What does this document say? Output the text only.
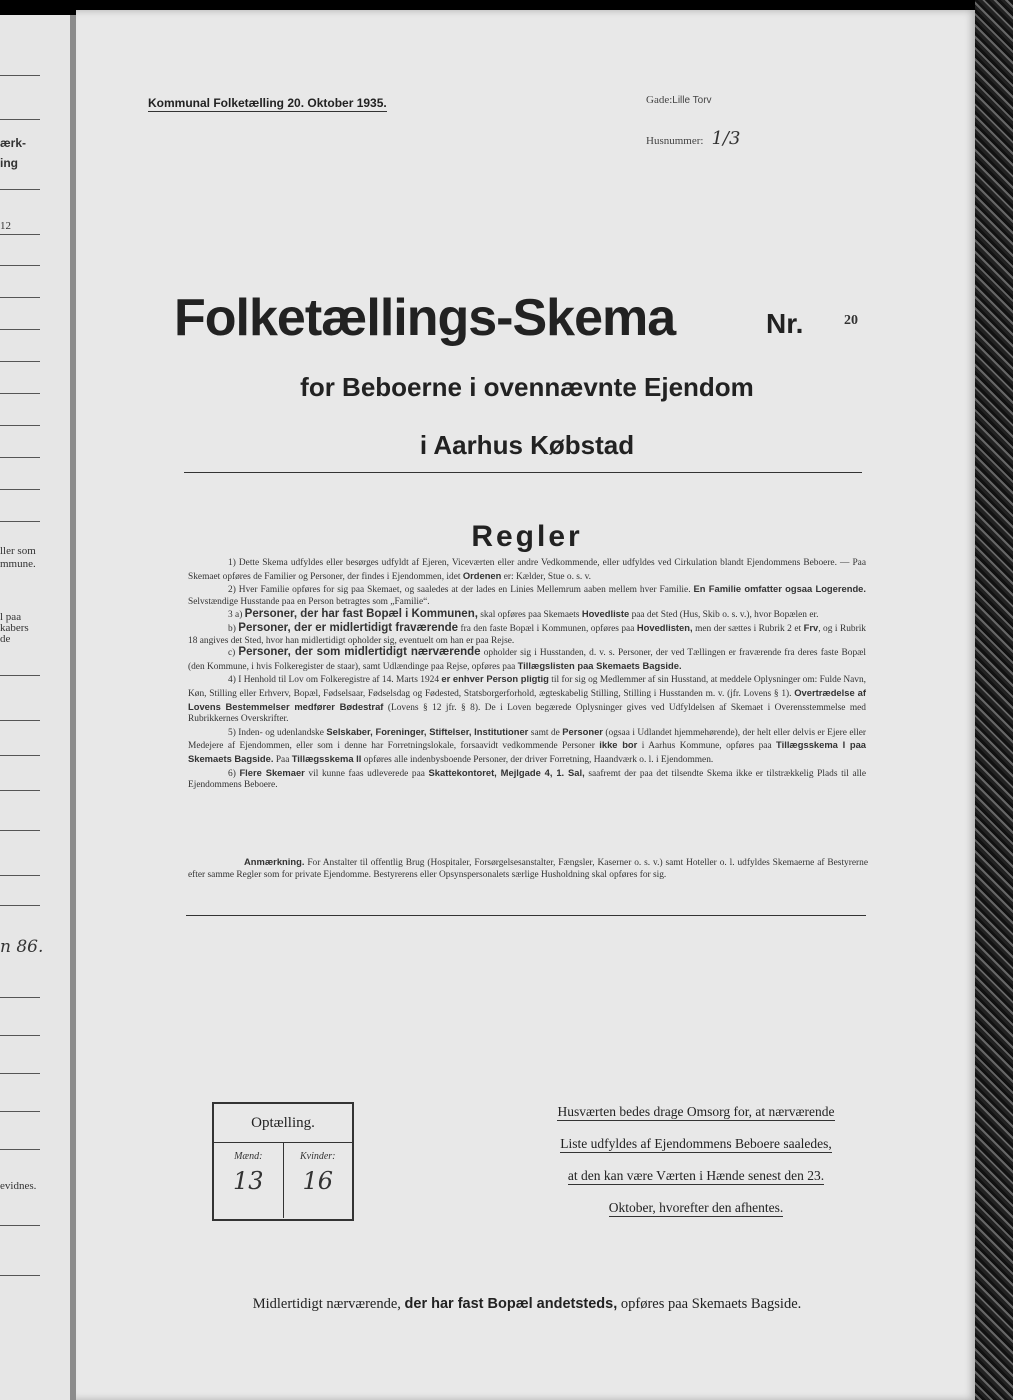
ærk-
ing
12
ller som
mmune.
l paa
kabers
de
n 86.
evidnes.
Kommunal Folketælling 20. Oktober 1935.	Gade:Lille Torv
Husnummer: 1/3
Folketællings-Skema	Nr.	20
for Beboerne i ovennævnte Ejendom
i Aarhus Købstad
Regler

1) Dette Skema udfyldes eller besørges udfyldt af Ejeren, Viceværten eller andre Vedkommende, eller udfyldes ved Cirkulation blandt Ejendommens Beboere. — Paa Skemaet opføres de Familier og Personer, der findes i Ejendommen, idet Ordenen er: Kælder, Stue o. s. v.

2) Hver Familie opføres for sig paa Skemaet, og saaledes at der lades en Linies Mellemrum aaben mellem hver Familie. En Familie omfatter ogsaa Logerende. Selvstændige Husstande paa en Person betragtes som „Familie“.

3 a) Personer, der har fast Bopæl i Kommunen, skal opføres paa Skemaets Hovedliste paa det Sted (Hus, Skib o. s. v.), hvor Bopælen er.

b) Personer, der er midlertidigt fraværende fra den faste Bopæl i Kommunen, opføres paa Hovedlisten, men der sættes i Rubrik 2 et Frv, og i Rubrik 18 angives det Sted, hvor han midlertidigt opholder sig, eventuelt om han er paa Rejse.

c) Personer, der som midlertidigt nærværende opholder sig i Husstanden, d. v. s. Personer, der ved Tællingen er fraværende fra deres faste Bopæl (den Kommune, i hvis Folkeregister de staar), samt Udlændinge paa Rejse, opføres paa Tillægslisten paa Skemaets Bagside.

4) I Henhold til Lov om Folkeregistre af 14. Marts 1924 er enhver Person pligtig til for sig og Medlemmer af sin Husstand, at meddele Oplysninger om: Fulde Navn, Køn, Stilling eller Erhverv, Bopæl, Fødselsaar, Fødselsdag og Fødested, Statsborgerforhold, ægteskabelig Stilling, Stilling i Husstanden m. v. (jfr. Lovens § 1). Overtrædelse af Lovens Bestemmelser medfører Bødestraf (Lovens § 12 jfr. § 8). De i Loven begærede Oplysninger gives ved Udfyldelsen af Skemaet i Overensstemmelse med Rubrikkernes Overskrifter.

5) Inden- og udenlandske Selskaber, Foreninger, Stiftelser, Institutioner samt de Personer (ogsaa i Udlandet hjemmehørende), der helt eller delvis er Ejere eller Medejere af Ejendommen, eller som i denne har Forretningslokale, forsaavidt vedkommende Personer ikke bor i Aarhus Kommune, opføres paa Tillægsskema I paa Skemaets Bagside. Paa Tillægsskema II opføres alle indenbysboende Personer, der driver Forretning, Haandværk o. l. i Ejendommen.

6) Flere Skemaer vil kunne faas udleverede paa Skattekontoret, Mejlgade 4, 1. Sal, saafremt der paa det tilsendte Skema ikke er tilstrækkelig Plads til alle Ejendommens Beboere.

Anmærkning. For Anstalter til offentlig Brug (Hospitaler, Forsørgelsesanstalter, Fængsler, Kaserner o. s. v.) samt Hoteller o. l. udfyldes Skemaerne af Bestyrerne efter samme Regler som for private Ejendomme. Bestyrerens eller Opsynspersonalets særlige Husholdning skal opføres for sig.
Optælling.
Mænd:
13
Kvinder:
16
Husværten bedes drage Omsorg for, at nærværende
Liste udfyldes af Ejendommens Beboere saaledes,
at den kan være Værten i Hænde senest den 23.
Oktober, hvorefter den afhentes.
Midlertidigt nærværende, der har fast Bopæl andetsteds, opføres paa Skemaets Bagside.
